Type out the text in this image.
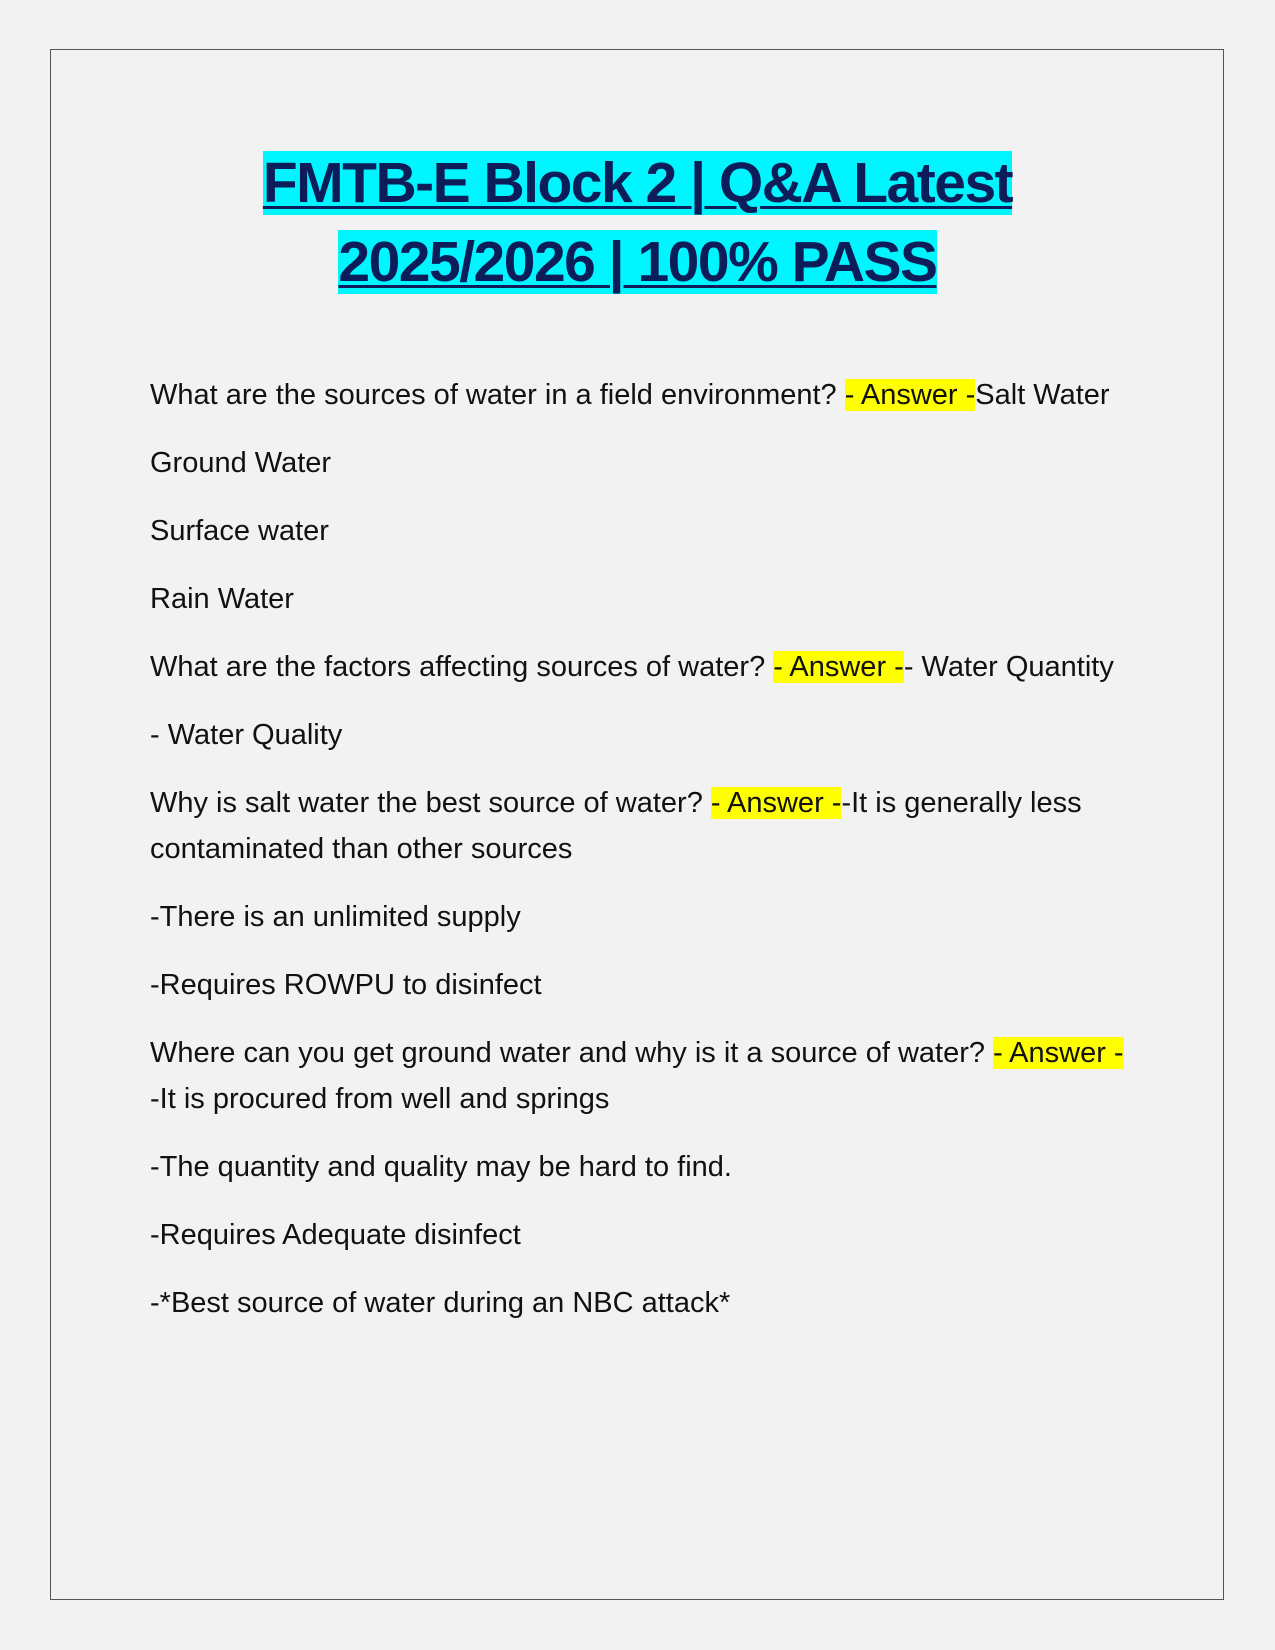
FMTB-E Block 2 | Q&A Latest
2025/2026 | 100% PASS

What are the sources of water in a field environment? - Answer -Salt Water

Ground Water

Surface water

Rain Water

What are the factors affecting sources of water? - Answer -- Water Quantity

- Water Quality

Why is salt water the best source of water? - Answer --It is generally less contaminated than other sources

-There is an unlimited supply

-Requires ROWPU to disinfect

Where can you get ground water and why is it a source of water? - Answer --It is procured from well and springs

-The quantity and quality may be hard to find.

-Requires Adequate disinfect

-*Best source of water during an NBC attack*
